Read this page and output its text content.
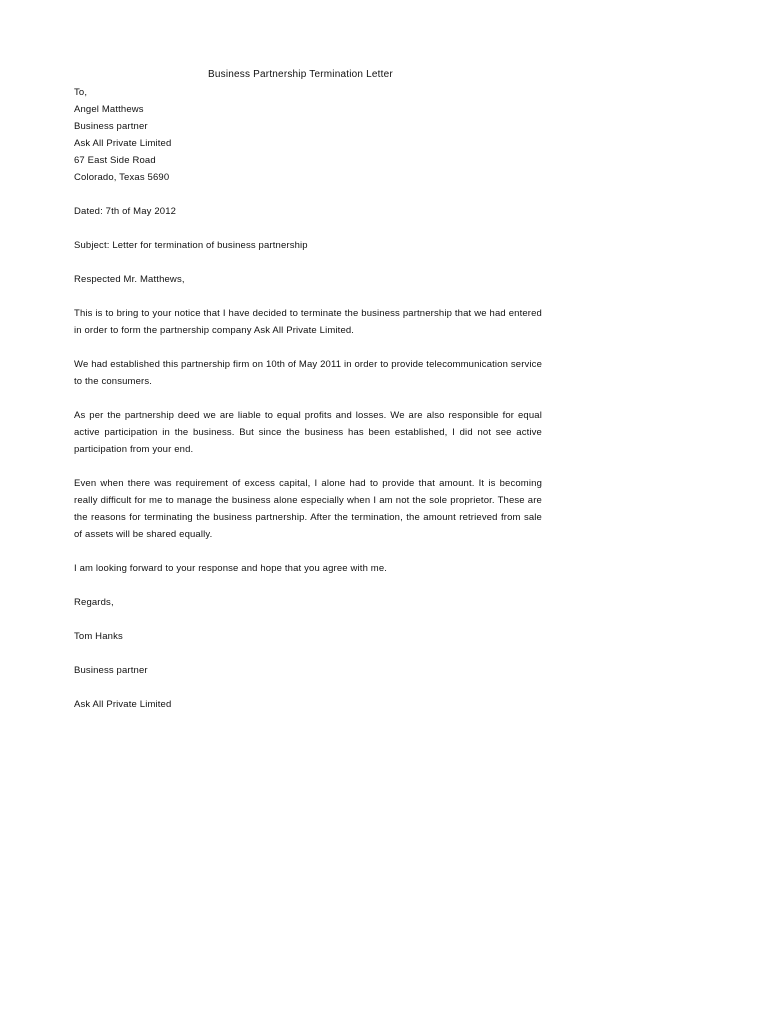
Business Partnership Termination Letter
To,
Angel Matthews
Business partner
Ask All Private Limited
67 East Side Road
Colorado, Texas 5690
Dated: 7th of May 2012
Subject: Letter for termination of business partnership
Respected Mr. Matthews,
This is to bring to your notice that I have decided to terminate the business partnership that we had entered in order to form the partnership company Ask All Private Limited.
We had established this partnership firm on 10th of May 2011 in order to provide telecommunication service to the consumers.
As per the partnership deed we are liable to equal profits and losses. We are also responsible for equal active participation in the business. But since the business has been established, I did not see active participation from your end.
Even when there was requirement of excess capital, I alone had to provide that amount. It is becoming really difficult for me to manage the business alone especially when I am not the sole proprietor. These are the reasons for terminating the business partnership. After the termination, the amount retrieved from sale of assets will be shared equally.
I am looking forward to your response and hope that you agree with me.
Regards,
Tom Hanks
Business partner
Ask All Private Limited
